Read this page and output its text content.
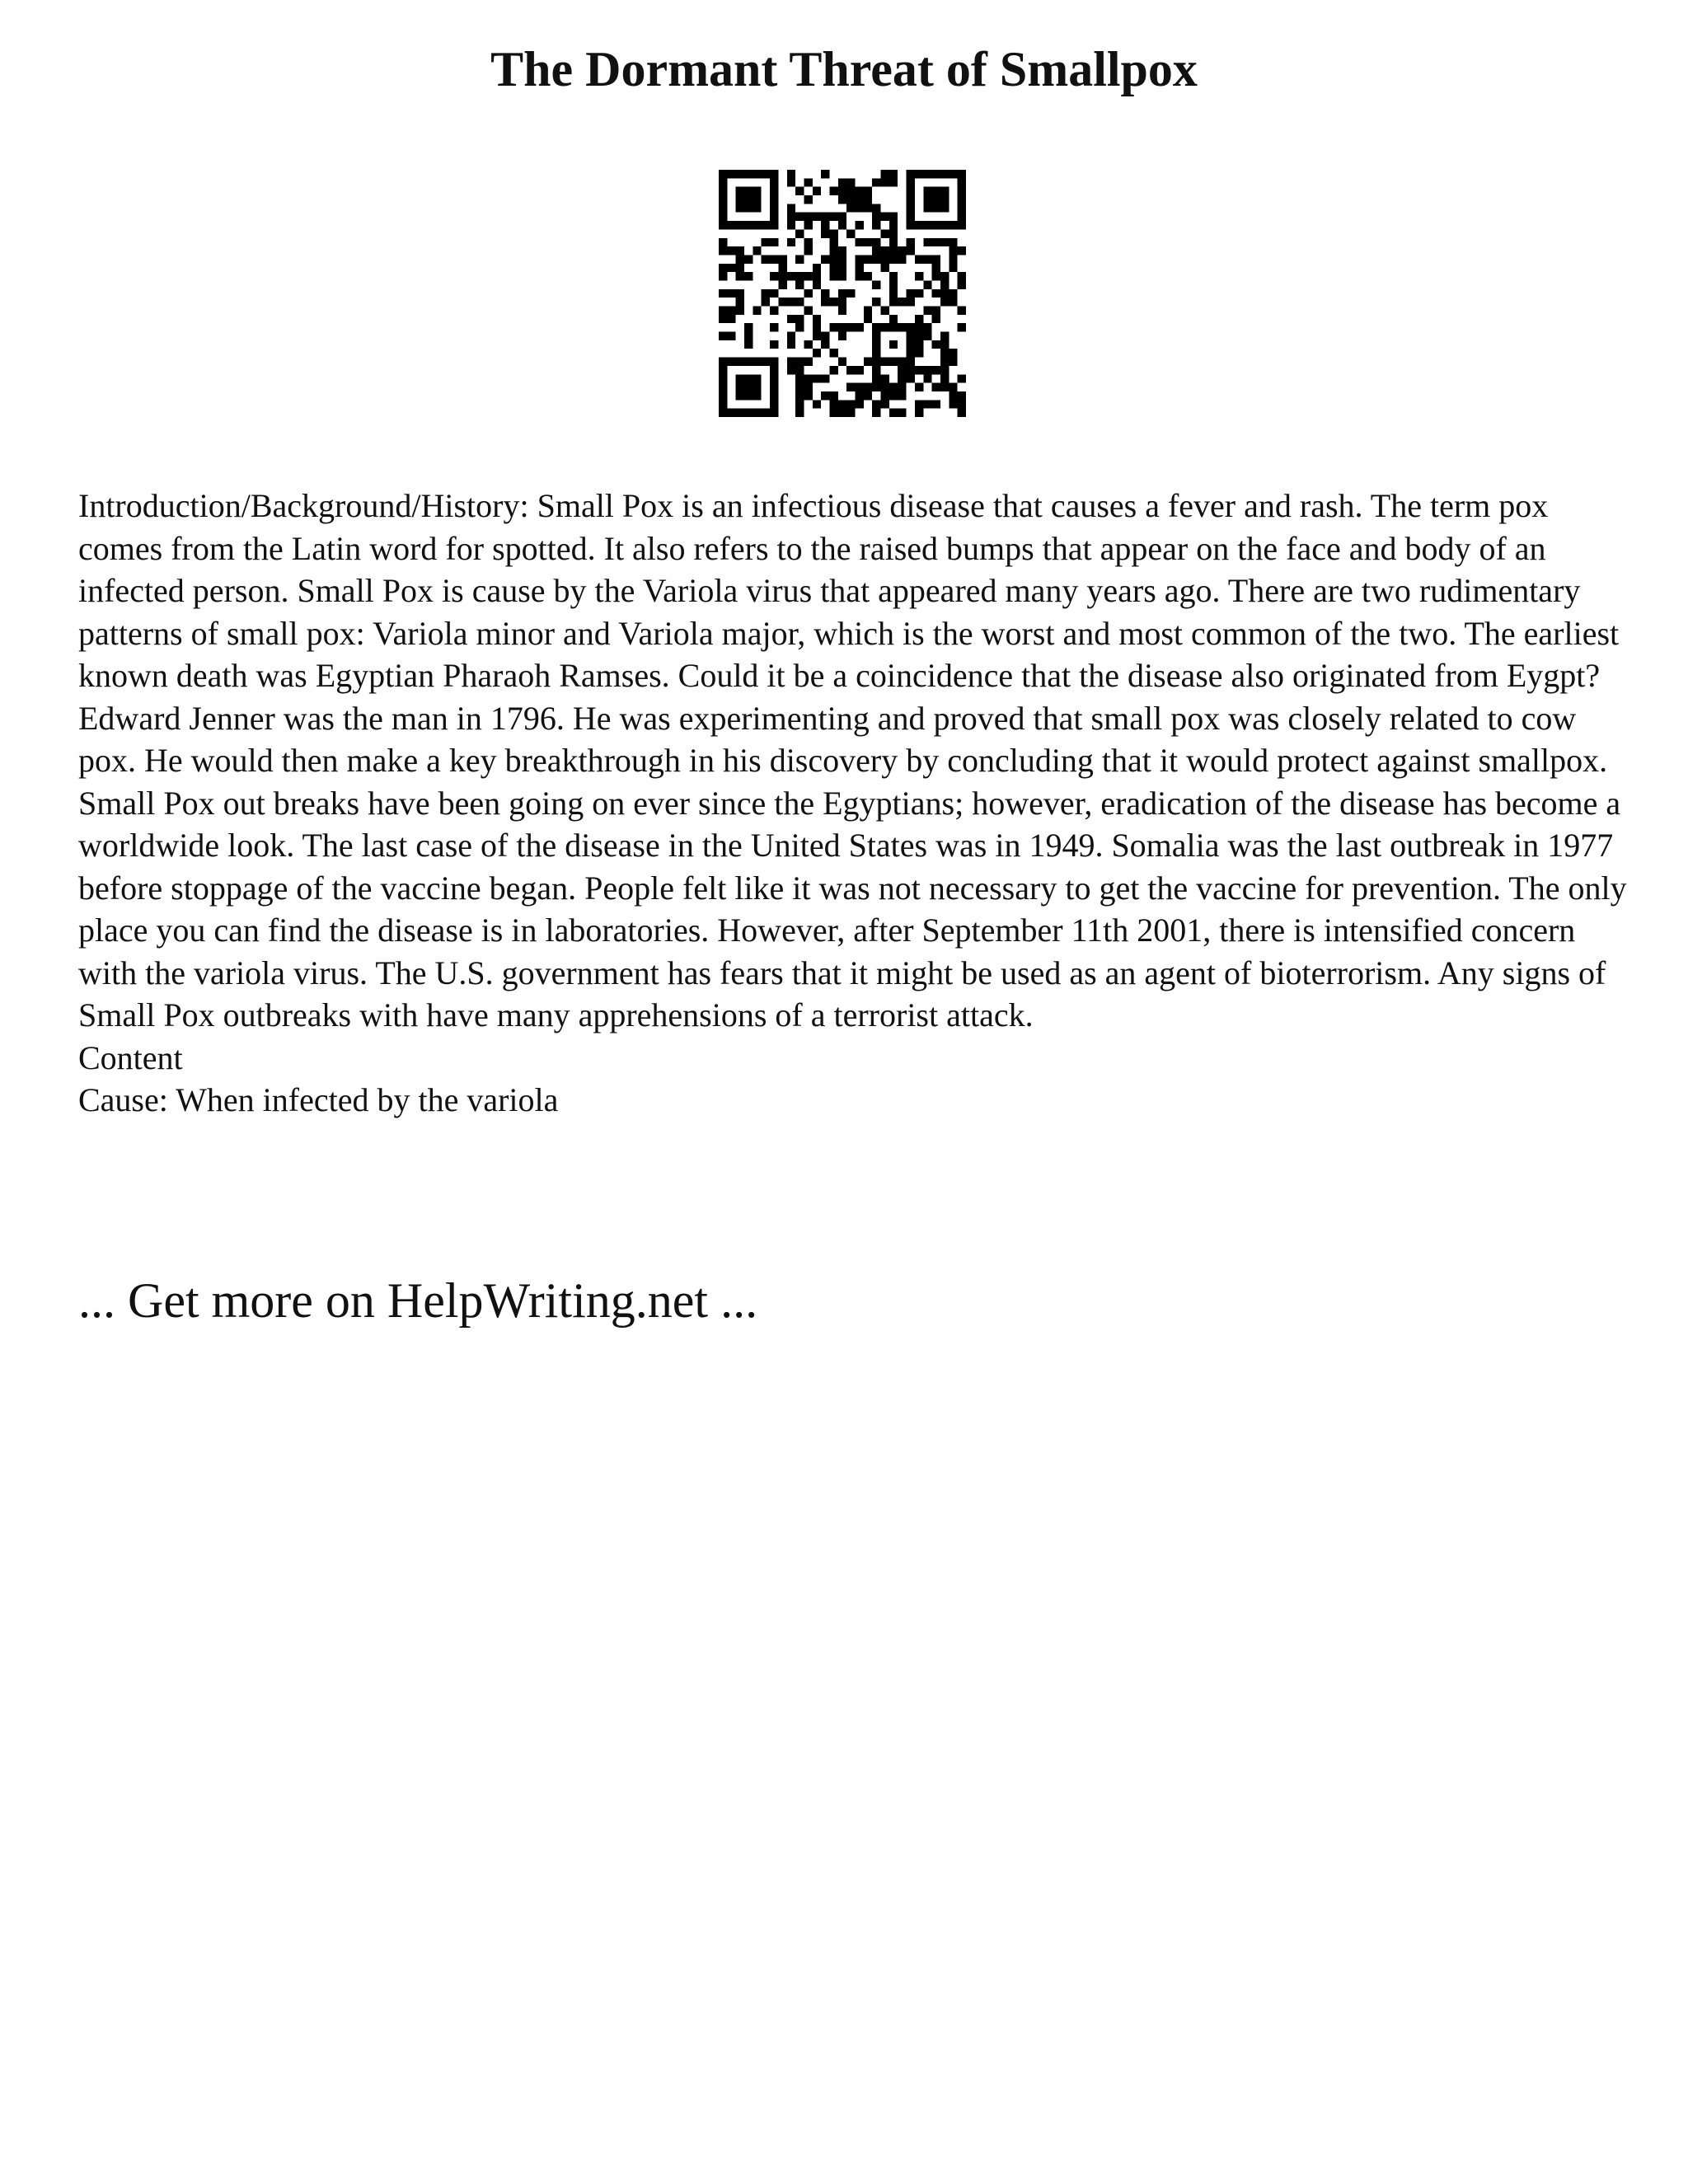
The Dormant Threat of Smallpox

Introduction/Background/History: Small Pox is an infectious disease that causes a fever and rash. The term pox comes from the Latin word for spotted. It also refers to the raised bumps that appear on the face and body of an infected person. Small Pox is cause by the Variola virus that appeared many years ago. There are two rudimentary patterns of small pox: Variola minor and Variola major, which is the worst and most common of the two. The earliest known death was Egyptian Pharaoh Ramses. Could it be a coincidence that the disease also originated from Eygpt? Edward Jenner was the man in 1796. He was experimenting and proved that small pox was closely related to cow pox. He would then make a key breakthrough in his discovery by concluding that it would protect against smallpox.

Small Pox out breaks have been going on ever since the Egyptians; however, eradication of the disease has become a worldwide look. The last case of the disease in the United States was in 1949. Somalia was the last outbreak in 1977 before stoppage of the vaccine began. People felt like it was not necessary to get the vaccine for prevention. The only place you can find the disease is in laboratories. However, after September 11th 2001, there is intensified concern with the variola virus. The U.S. government has fears that it might be used as an agent of bioterrorism. Any signs of Small Pox outbreaks with have many apprehensions of a terrorist attack.

Content

Cause: When infected by the variola

... Get more on HelpWriting.net ...
